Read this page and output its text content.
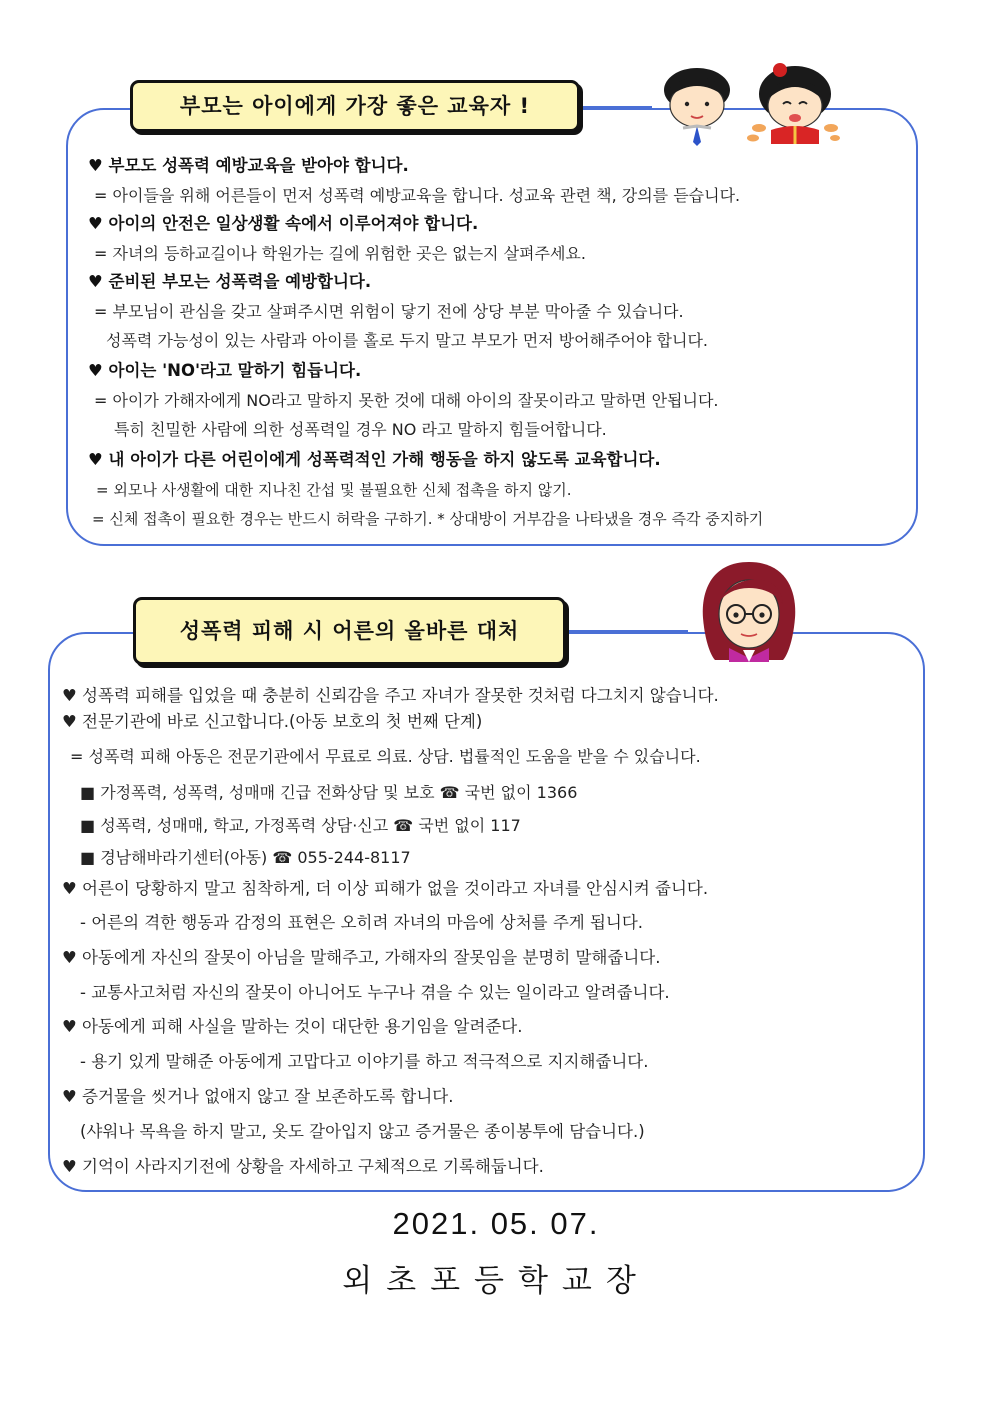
부모는 아이에게 가장 좋은 교육자 !
♥ 부모도 성폭력 예방교육을 받아야 합니다.
= 아이들을 위해 어른들이 먼저 성폭력 예방교육을 합니다. 성교육 관련 책, 강의를 듣습니다.
♥ 아이의 안전은 일상생활 속에서 이루어져야 합니다.
= 자녀의 등하교길이나 학원가는 길에 위험한 곳은 없는지 살펴주세요.
♥ 준비된 부모는 성폭력을 예방합니다.
= 부모님이 관심을 갖고 살펴주시면 위험이 닿기 전에 상당 부분 막아줄 수 있습니다.
성폭력 가능성이 있는 사람과 아이를 홀로 두지 말고 부모가 먼저 방어해주어야 합니다.
♥ 아이는 'NO'라고 말하기 힘듭니다.
= 아이가 가해자에게 NO라고 말하지 못한 것에 대해 아이의 잘못이라고 말하면 안됩니다.
특히 친밀한 사람에 의한 성폭력일 경우 NO 라고 말하지 힘들어합니다.
♥ 내 아이가 다른 어린이에게 성폭력적인 가해 행동을 하지 않도록 교육합니다.
= 외모나 사생활에 대한 지나친 간섭 및 불필요한 신체 접촉을 하지 않기.
= 신체 접촉이 필요한 경우는 반드시 허락을 구하기. * 상대방이 거부감을 나타냈을 경우 즉각 중지하기
성폭력 피해 시 어른의 올바른 대처
♥ 성폭력 피해를 입었을 때 충분히 신뢰감을 주고 자녀가 잘못한 것처럼 다그치지 않습니다.
♥ 전문기관에 바로 신고합니다.(아동 보호의 첫 번째 단계)
= 성폭력 피해 아동은 전문기관에서 무료로 의료. 상담. 법률적인 도움을 받을 수 있습니다.
■ 가정폭력, 성폭력, 성매매 긴급 전화상담 및 보호 ☎ 국번 없이 1366
■ 성폭력, 성매매, 학교, 가정폭력 상담·신고 ☎ 국번 없이 117
■ 경남해바라기센터(아동) ☎ 055-244-8117
♥ 어른이 당황하지 말고 침착하게, 더 이상 피해가 없을 것이라고 자녀를 안심시켜 줍니다.
- 어른의 격한 행동과 감정의 표현은 오히려 자녀의 마음에 상처를 주게 됩니다.
♥ 아동에게 자신의 잘못이 아님을 말해주고, 가해자의 잘못임을 분명히 말해줍니다.
- 교통사고처럼 자신의 잘못이 아니어도 누구나 겪을 수 있는 일이라고 알려줍니다.
♥ 아동에게 피해 사실을 말하는 것이 대단한 용기임을 알려준다.
- 용기 있게 말해준 아동에게 고맙다고 이야기를 하고 적극적으로 지지해줍니다.
♥ 증거물을 씻거나 없애지 않고 잘 보존하도록 합니다.
(샤워나 목욕을 하지 말고, 옷도 갈아입지 않고 증거물은 종이봉투에 담습니다.)
♥ 기억이 사라지기전에 상황을 자세하고 구체적으로 기록해둡니다.
2021. 05. 07.
외초포등학교장
